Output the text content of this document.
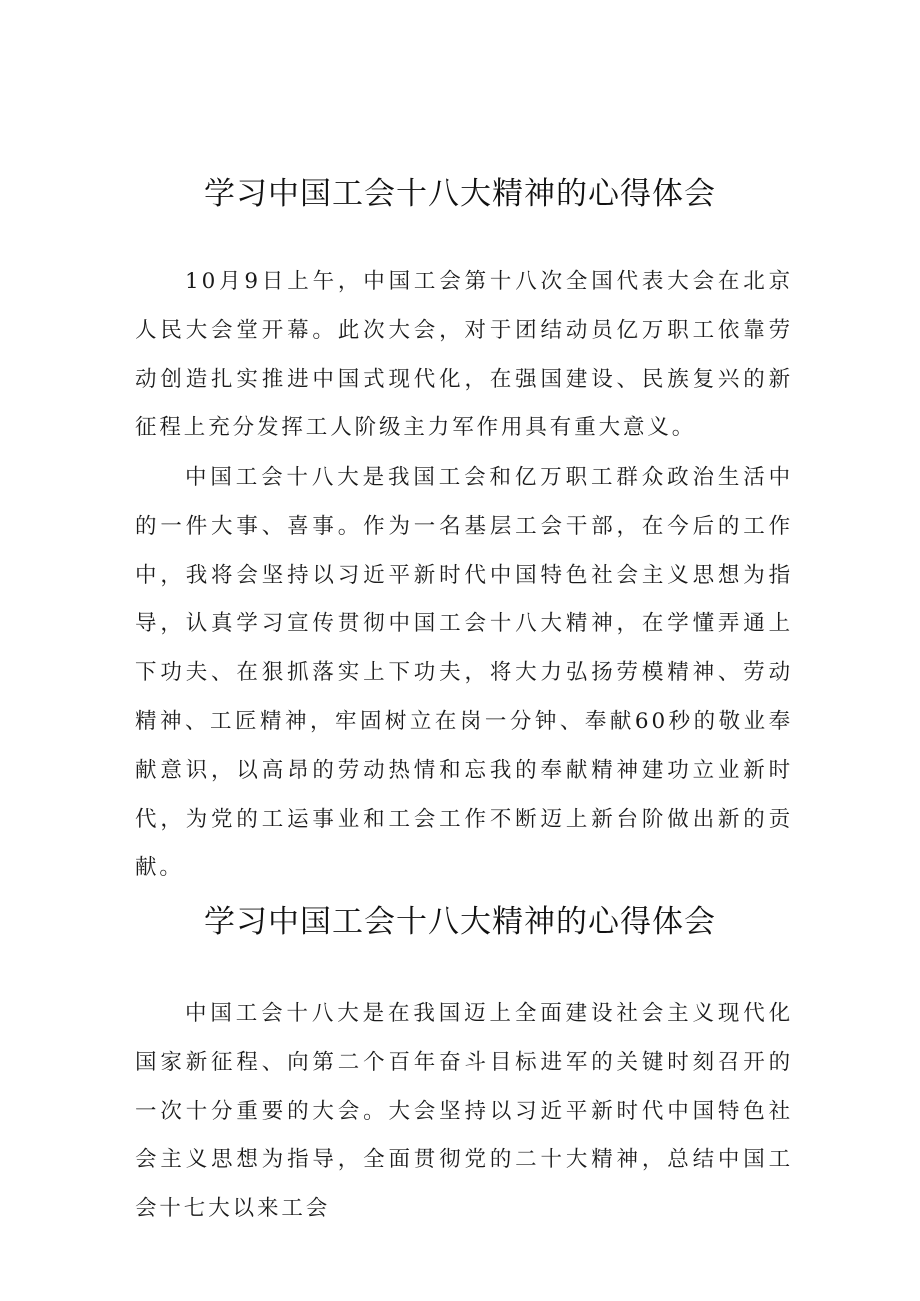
学习中国工会十八大精神的心得体会

10月9日上午，中国工会第十八次全国代表大会在北京人民大会堂开幕。此次大会，对于团结动员亿万职工依靠劳动创造扎实推进中国式现代化，在强国建设、民族复兴的新征程上充分发挥工人阶级主力军作用具有重大意义。

中国工会十八大是我国工会和亿万职工群众政治生活中的一件大事、喜事。作为一名基层工会干部，在今后的工作中，我将会坚持以习近平新时代中国特色社会主义思想为指导，认真学习宣传贯彻中国工会十八大精神，在学懂弄通上下功夫、在狠抓落实上下功夫，将大力弘扬劳模精神、劳动精神、工匠精神，牢固树立在岗一分钟、奉献60秒的敬业奉献意识，以高昂的劳动热情和忘我的奉献精神建功立业新时代，为党的工运事业和工会工作不断迈上新台阶做出新的贡献。

学习中国工会十八大精神的心得体会

中国工会十八大是在我国迈上全面建设社会主义现代化国家新征程、向第二个百年奋斗目标进军的关键时刻召开的一次十分重要的大会。大会坚持以习近平新时代中国特色社会主义思想为指导，全面贯彻党的二十大精神，总结中国工会十七大以来工会
